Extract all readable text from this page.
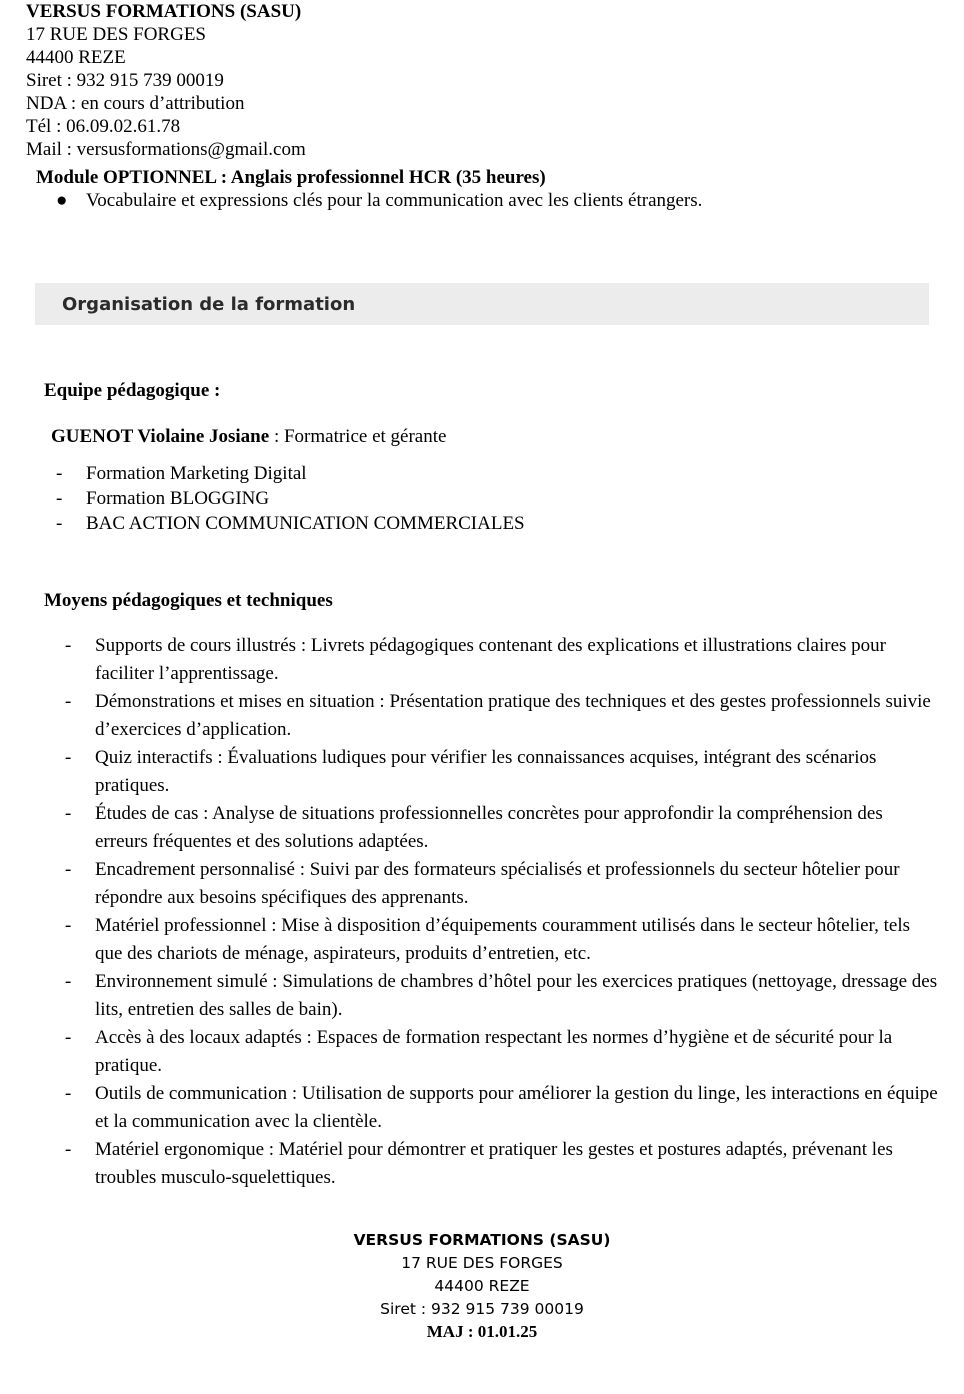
VERSUS FORMATIONS (SASU)
17 RUE DES FORGES
44400 REZE
Siret : 932 915 739 00019
NDA : en cours d’attribution
Tél : 06.09.02.61.78
Mail : versusformations@gmail.com
Module OPTIONNEL : Anglais professionnel HCR (35 heures)
● Vocabulaire et expressions clés pour la communication avec les clients étrangers.
Organisation de la formation
Equipe pédagogique :
GUENOT Violaine Josiane : Formatrice et gérante
- Formation Marketing Digital
- Formation BLOGGING
- BAC ACTION COMMUNICATION COMMERCIALES
Moyens pédagogiques et techniques
- Supports de cours illustrés : Livrets pédagogiques contenant des explications et illustrations claires pour faciliter l’apprentissage.
- Démonstrations et mises en situation : Présentation pratique des techniques et des gestes professionnels suivie d’exercices d’application.
- Quiz interactifs : Évaluations ludiques pour vérifier les connaissances acquises, intégrant des scénarios pratiques.
- Études de cas : Analyse de situations professionnelles concrètes pour approfondir la compréhension des erreurs fréquentes et des solutions adaptées.
- Encadrement personnalisé : Suivi par des formateurs spécialisés et professionnels du secteur hôtelier pour répondre aux besoins spécifiques des apprenants.
- Matériel professionnel : Mise à disposition d’équipements couramment utilisés dans le secteur hôtelier, tels que des chariots de ménage, aspirateurs, produits d’entretien, etc.
- Environnement simulé : Simulations de chambres d’hôtel pour les exercices pratiques (nettoyage, dressage des lits, entretien des salles de bain).
- Accès à des locaux adaptés : Espaces de formation respectant les normes d’hygiène et de sécurité pour la pratique.
- Outils de communication : Utilisation de supports pour améliorer la gestion du linge, les interactions en équipe et la communication avec la clientèle.
- Matériel ergonomique : Matériel pour démontrer et pratiquer les gestes et postures adaptés, prévenant les troubles musculo-squelettiques.
VERSUS FORMATIONS (SASU)
17 RUE DES FORGES
44400 REZE
Siret : 932 915 739 00019
MAJ : 01.01.25
